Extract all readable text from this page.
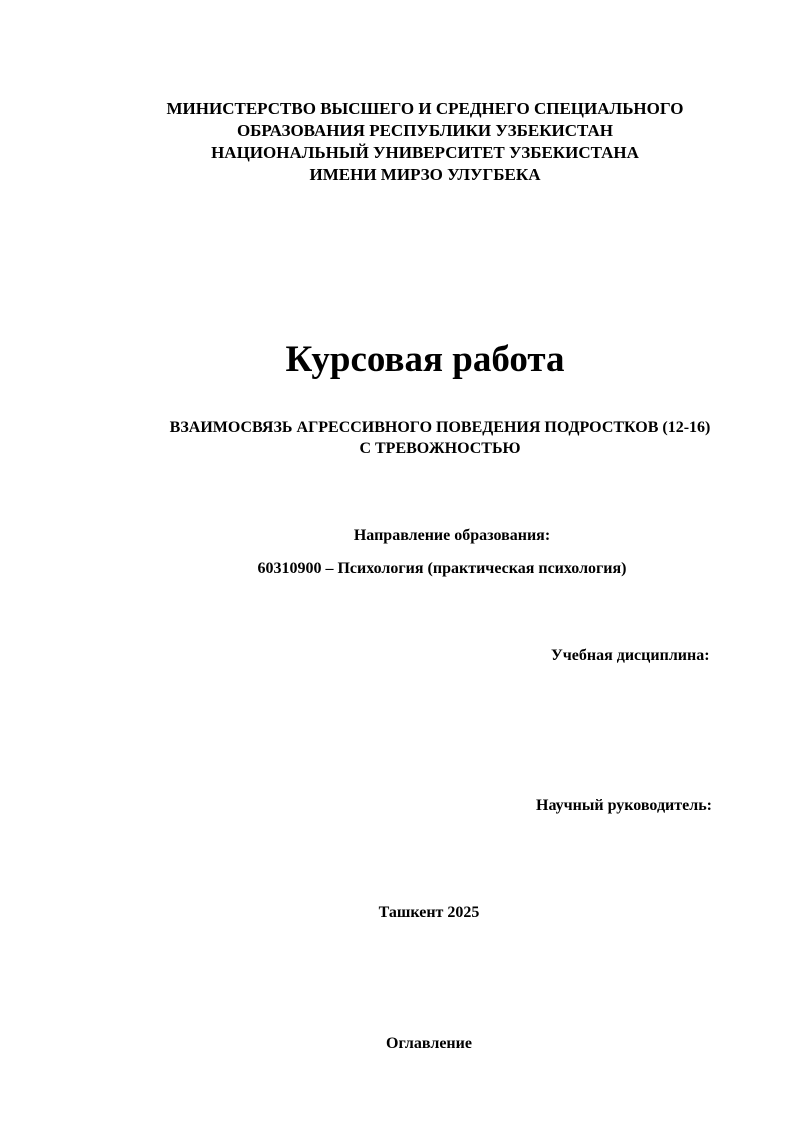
МИНИСТЕРСТВО ВЫСШЕГО И СРЕДНЕГО СПЕЦИАЛЬНОГО
ОБРАЗОВАНИЯ РЕСПУБЛИКИ УЗБЕКИСТАН
НАЦИОНАЛЬНЫЙ УНИВЕРСИТЕТ УЗБЕКИСТАНА
ИМЕНИ МИРЗО УЛУГБЕКА
Курсовая работа
ВЗАИМОСВЯЗЬ АГРЕССИВНОГО ПОВЕДЕНИЯ ПОДРОСТКОВ (12-16)
С ТРЕВОЖНОСТЬЮ
Направление образования:
60310900 – Психология (практическая психология)
Учебная дисциплина:
Научный руководитель:
Ташкент 2025
Оглавление
